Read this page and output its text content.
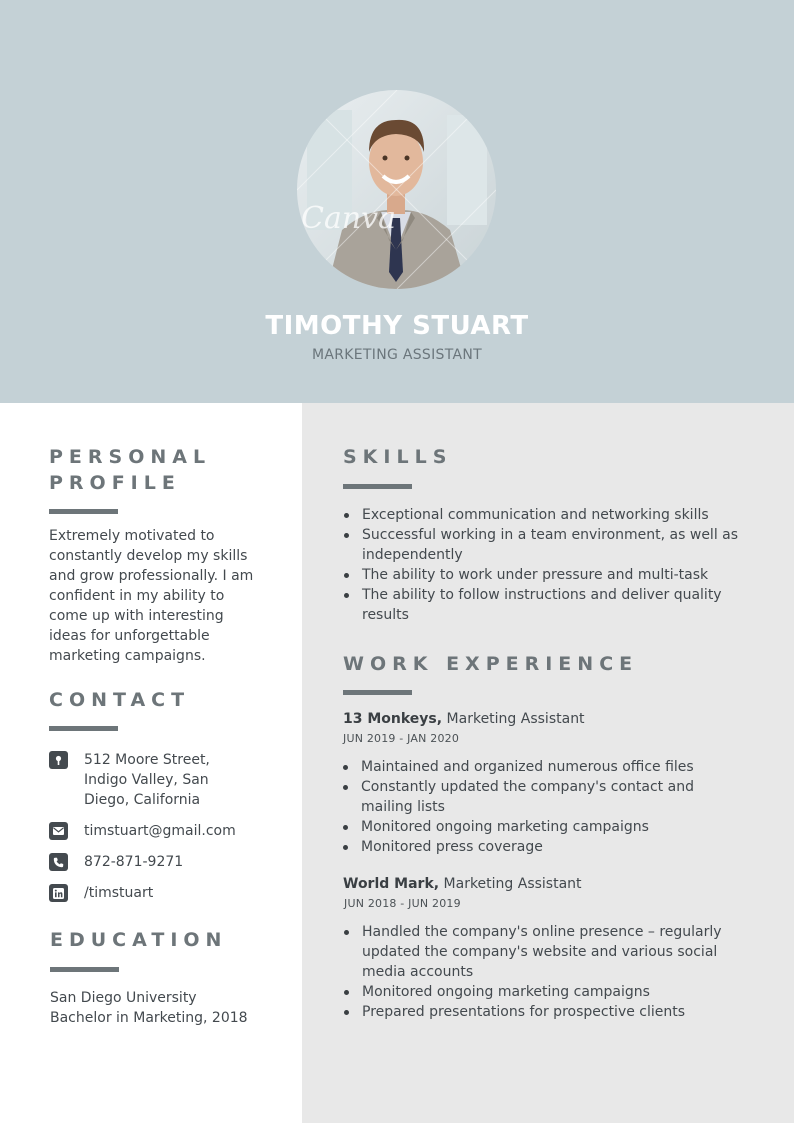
Canva
TIMOTHY STUART
MARKETING ASSISTANT
PERSONAL
PROFILE
Extremely motivated to
constantly develop my skills
and grow professionally. I am
confident in my ability to
come up with interesting
ideas for unforgettable
marketing campaigns.
CONTACT
512 Moore Street,
Indigo Valley, San
Diego, California
timstuart@gmail.com
872-871-9271
/timstuart
EDUCATION
San Diego University
Bachelor in Marketing, 2018
SKILLS
Exceptional communication and networking skills
Successful working in a team environment, as well as
independently
The ability to work under pressure and multi-task
The ability to follow instructions and deliver quality
results
WORK EXPERIENCE
13 Monkeys, Marketing Assistant
JUN 2019 - JAN 2020
Maintained and organized numerous office files
Constantly updated the company's contact and
mailing lists
Monitored ongoing marketing campaigns
Monitored press coverage
World Mark, Marketing Assistant
JUN 2018 - JUN 2019
Handled the company's online presence – regularly
updated the company's website and various social
media accounts
Monitored ongoing marketing campaigns
Prepared presentations for prospective clients
